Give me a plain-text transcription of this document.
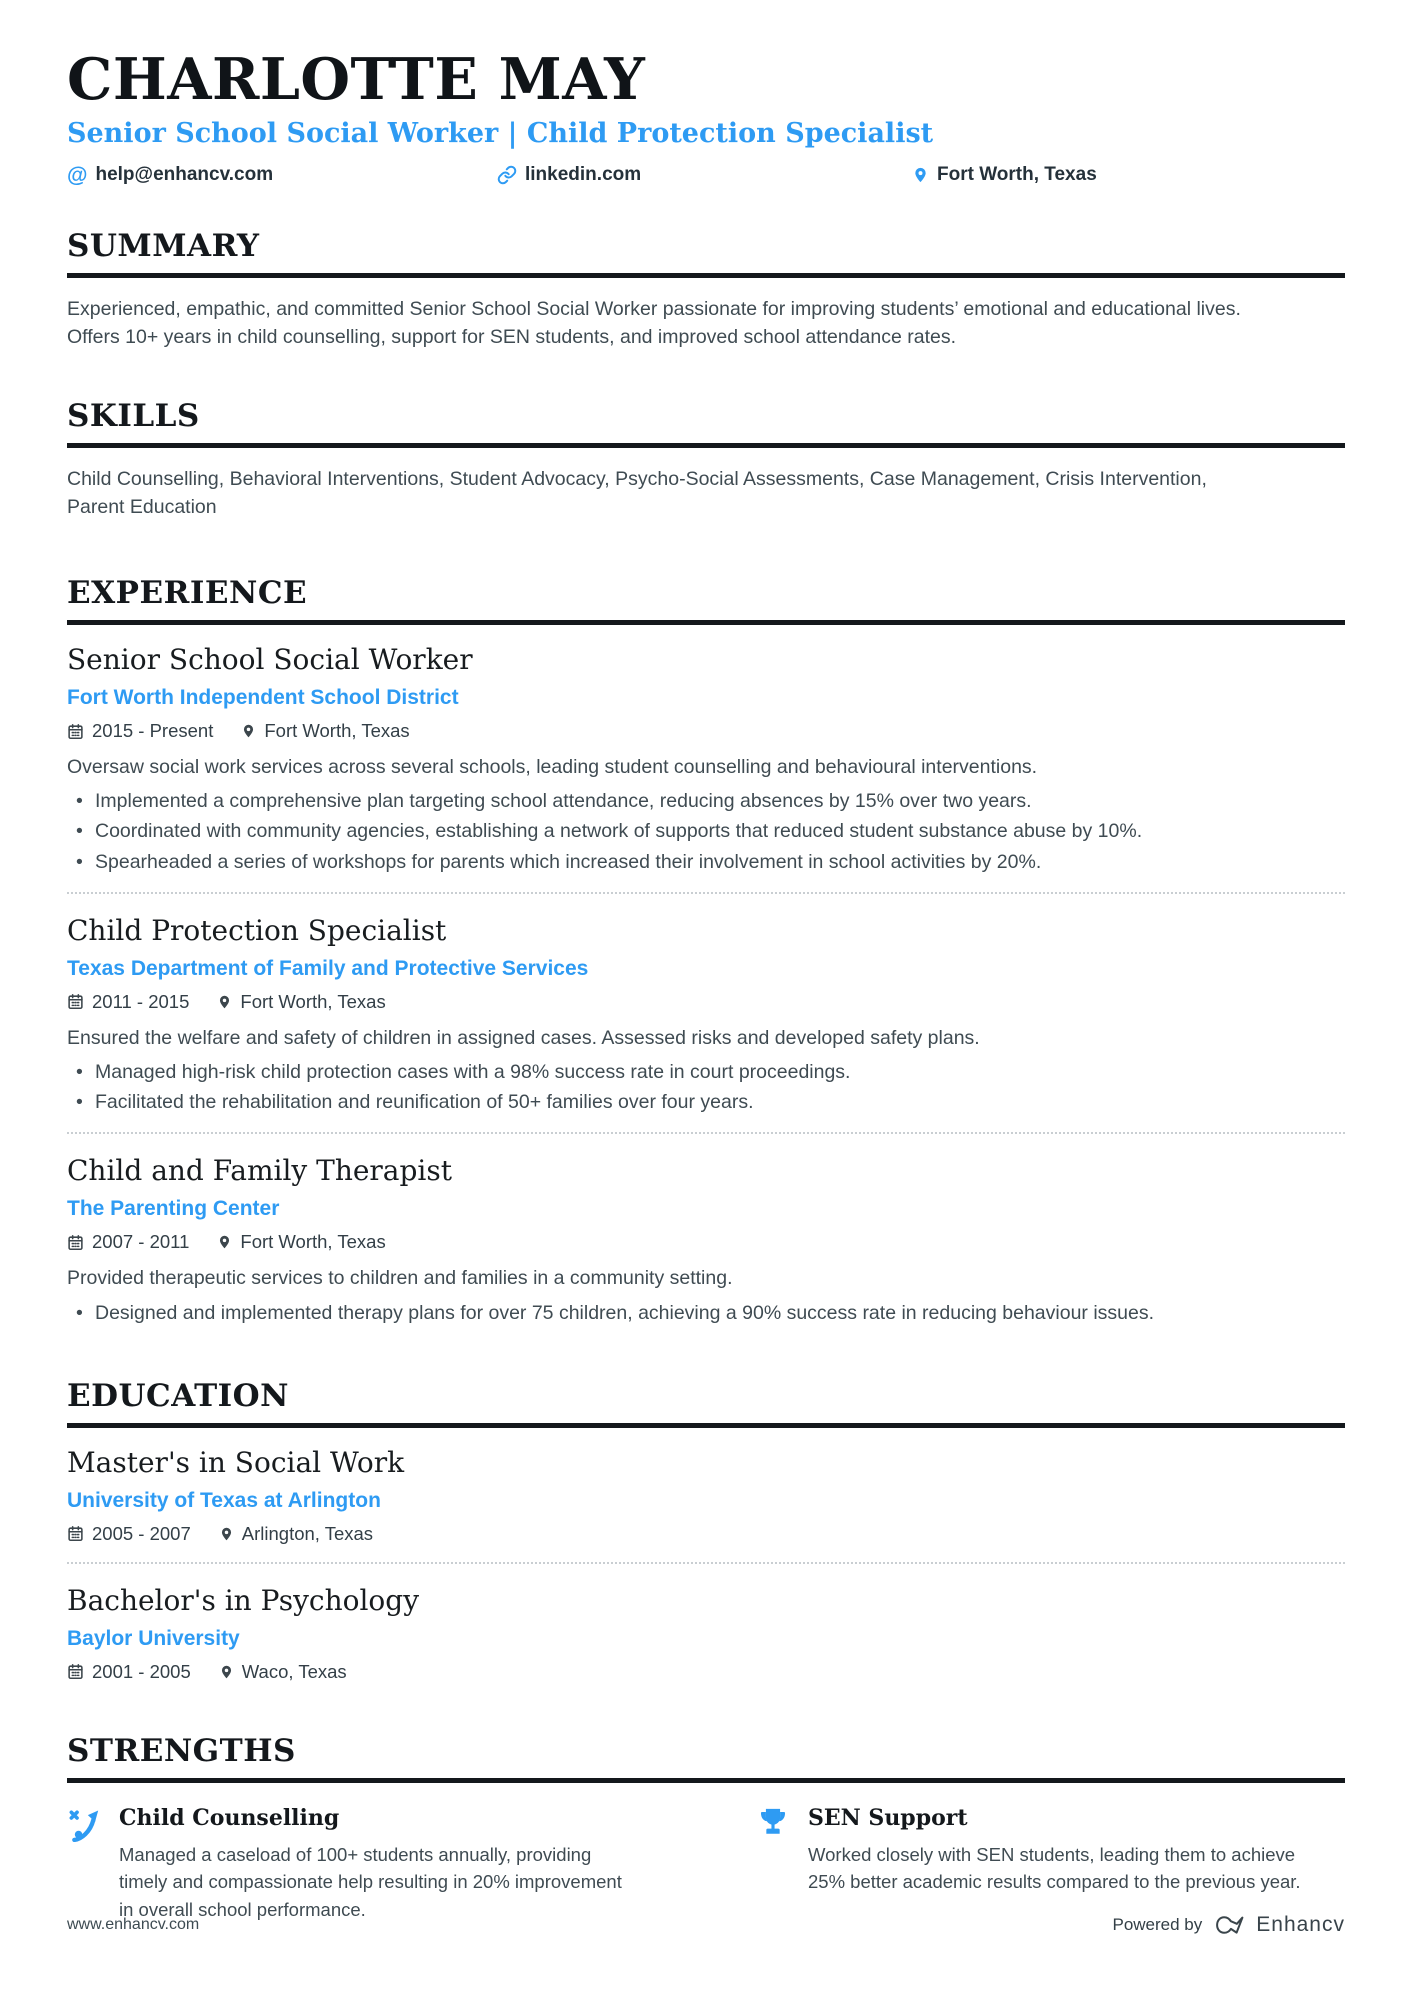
CHARLOTTE MAY
Senior School Social Worker | Child Protection Specialist
@ help@enhancv.com	linkedin.com	Fort Worth, Texas
SUMMARY

Experienced, empathic, and committed Senior School Social Worker passionate for improving students’ emotional and educational lives. Offers 10+ years in child counselling, support for SEN students, and improved school attendance rates.

SKILLS

Child Counselling, Behavioral Interventions, Student Advocacy, Psycho-Social Assessments, Case Management, Crisis Intervention, Parent Education

EXPERIENCE
Senior School Social Worker
Fort Worth Independent School District
2015 - Present	Fort Worth, Texas
Oversaw social work services across several schools, leading student counselling and behavioural interventions.
• Implemented a comprehensive plan targeting school attendance, reducing absences by 15% over two years.
• Coordinated with community agencies, establishing a network of supports that reduced student substance abuse by 10%.
• Spearheaded a series of workshops for parents which increased their involvement in school activities by 20%.
Child Protection Specialist
Texas Department of Family and Protective Services
2011 - 2015	Fort Worth, Texas
Ensured the welfare and safety of children in assigned cases. Assessed risks and developed safety plans.
• Managed high-risk child protection cases with a 98% success rate in court proceedings.
• Facilitated the rehabilitation and reunification of 50+ families over four years.
Child and Family Therapist
The Parenting Center
2007 - 2011	Fort Worth, Texas
Provided therapeutic services to children and families in a community setting.
• Designed and implemented therapy plans for over 75 children, achieving a 90% success rate in reducing behaviour issues.
EDUCATION
Master's in Social Work
University of Texas at Arlington
2005 - 2007	Arlington, Texas
Bachelor's in Psychology
Baylor University
2001 - 2005	Waco, Texas
STRENGTHS
Child Counselling
Managed a caseload of 100+ students annually, providing timely and compassionate help resulting in 20% improvement in overall school performance.
SEN Support
Worked closely with SEN students, leading them to achieve 25% better academic results compared to the previous year.
www.enhancv.com	Powered by	Enhancv
